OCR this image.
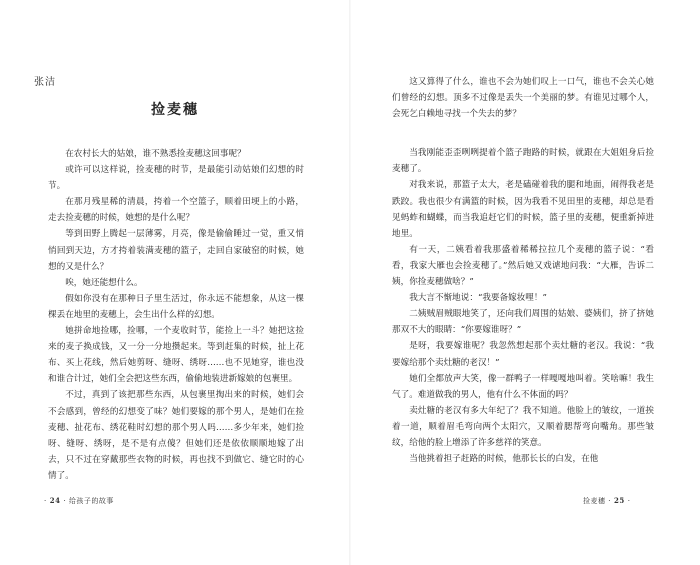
张洁
捡麦穗

在农村长大的姑娘，谁不熟悉捡麦穗这回事呢？

或许可以这样说，捡麦穗的时节，是最能引动姑娘们幻想的时节。

在那月残星稀的清晨，挎着一个空篮子，顺着田埂上的小路，走去捡麦穗的时候，她想的是什么呢？

等到田野上腾起一层薄雾，月亮，像是偷偷睡过一觉，重又悄悄回到天边，方才挎着装满麦穗的篮子，走回自家破窑的时候，她想的又是什么？

唉，她还能想什么。

假如你没有在那种日子里生活过，你永远不能想象，从这一棵棵丢在地里的麦穗上，会生出什么样的幻想。

她拼命地捡哪，捡哪，一个麦收时节，能捡上一斗？她把这捡来的麦子换成钱，又一分一分地攒起来。等到赶集的时候，扯上花布、买上花线，然后她剪呀、缝呀、绣呀……也不见她穿，谁也没和谁合计过，她们全会把这些东西，偷偷地装进新嫁娘的包裹里。

不过，真到了该把那些东西，从包裹里掏出来的时候，她们会不会感到，曾经的幻想变了味？她们要嫁的那个男人，是她们在捡麦穗、扯花布、绣花鞋时幻想的那个男人吗……多少年来，她们捡呀、缝呀、绣呀，是不是有点傻？但她们还是依依顺顺地嫁了出去，只不过在穿戴那些衣物的时候，再也找不到做它、缝它时的心情了。

· 24 · 给孩子的故事

这又算得了什么，谁也不会为她们叹上一口气，谁也不会关心她们曾经的幻想。顶多不过像是丢失一个美丽的梦。有谁见过哪个人，会死乞白赖地寻找一个失去的梦？

当我刚能歪歪咧咧提着个篮子跑路的时候，就跟在大姐姐身后捡麦穗了。

对我来说，那篮子太大，老是磕碰着我的腿和地面，闹得我老是跌跤。我也很少有满篮的时候，因为我看不见田里的麦穗，却总是看见蚂蚱和蝴蝶，而当我追赶它们的时候，篮子里的麦穗，便重新掉进地里。

有一天，二姨看着我那盛着稀稀拉拉几个麦穗的篮子说：“看看，我家大雁也会捡麦穗了。”然后她又戏谑地问我：“大雁，告诉二姨，你捡麦穗做啥？”

我大言不惭地说：“我要备嫁妆哩！”

二姨贼眉贼眼地笑了，还向我们周围的姑娘、婆姨们，挤了挤她那双不大的眼睛：“你要嫁谁呀？”

是呀，我要嫁谁呢？我忽然想起那个卖灶糖的老汉。我说：“我要嫁给那个卖灶糖的老汉！”

她们全都放声大笑，像一群鸭子一样嘎嘎地叫着。笑啥嘛！我生气了。难道做我的男人，他有什么不体面的吗？

卖灶糖的老汉有多大年纪了？我不知道。他脸上的皱纹，一道挨着一道，顺着眉毛弯向两个太阳穴，又顺着腮帮弯向嘴角。那些皱纹，给他的脸上增添了许多慈祥的笑意。

当他挑着担子赶路的时候，他那长长的白发，在他

捡麦穗 · 25 ·
